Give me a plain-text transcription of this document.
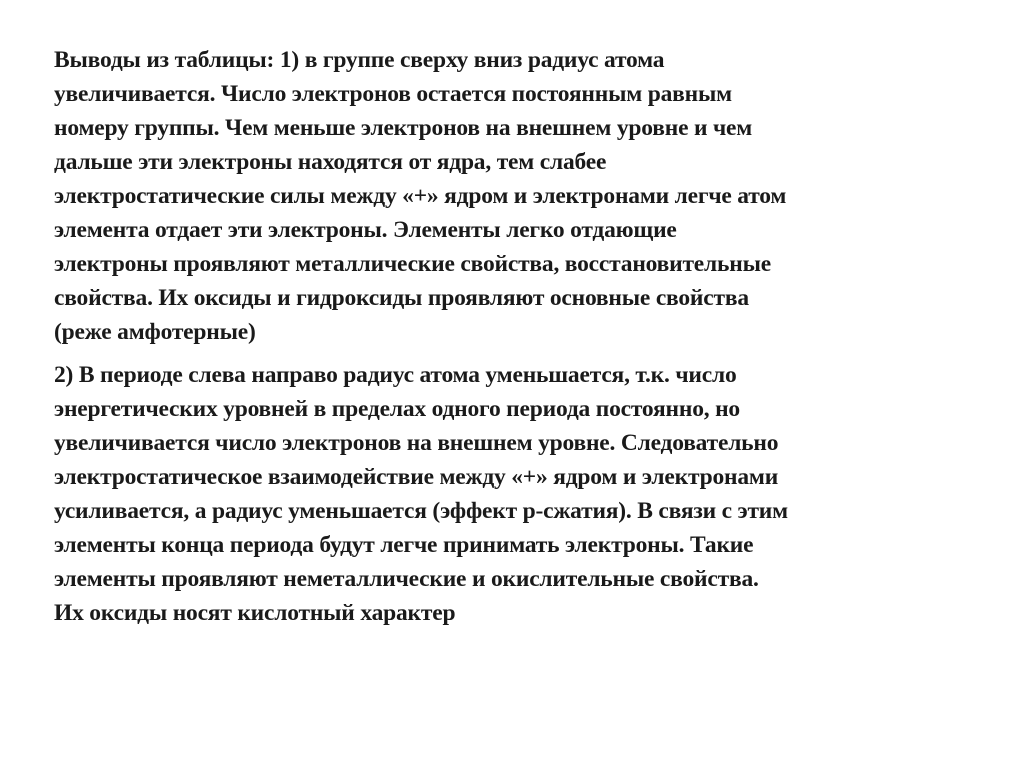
Выводы из таблицы: 1) в группе сверху вниз радиус атома
увеличивается. Число электронов остается постоянным равным
номеру группы. Чем меньше электронов на внешнем уровне и чем
дальше эти электроны находятся от ядра, тем слабее
электростатические силы между «+» ядром и электронами легче атом
элемента отдает эти электроны. Элементы легко отдающие
электроны проявляют металлические свойства, восстановительные
свойства. Их оксиды и гидроксиды проявляют основные свойства
(реже амфотерные)
2) В периоде слева направо радиус атома уменьшается, т.к. число
энергетических уровней в пределах одного периода постоянно, но
увеличивается число электронов на внешнем уровне. Следовательно
электростатическое взаимодействие между «+» ядром и электронами
усиливается, а радиус уменьшается (эффект р-сжатия). В связи с этим
элементы конца периода будут легче принимать электроны. Такие
элементы проявляют неметаллические и окислительные свойства.
Их оксиды носят кислотный характер
